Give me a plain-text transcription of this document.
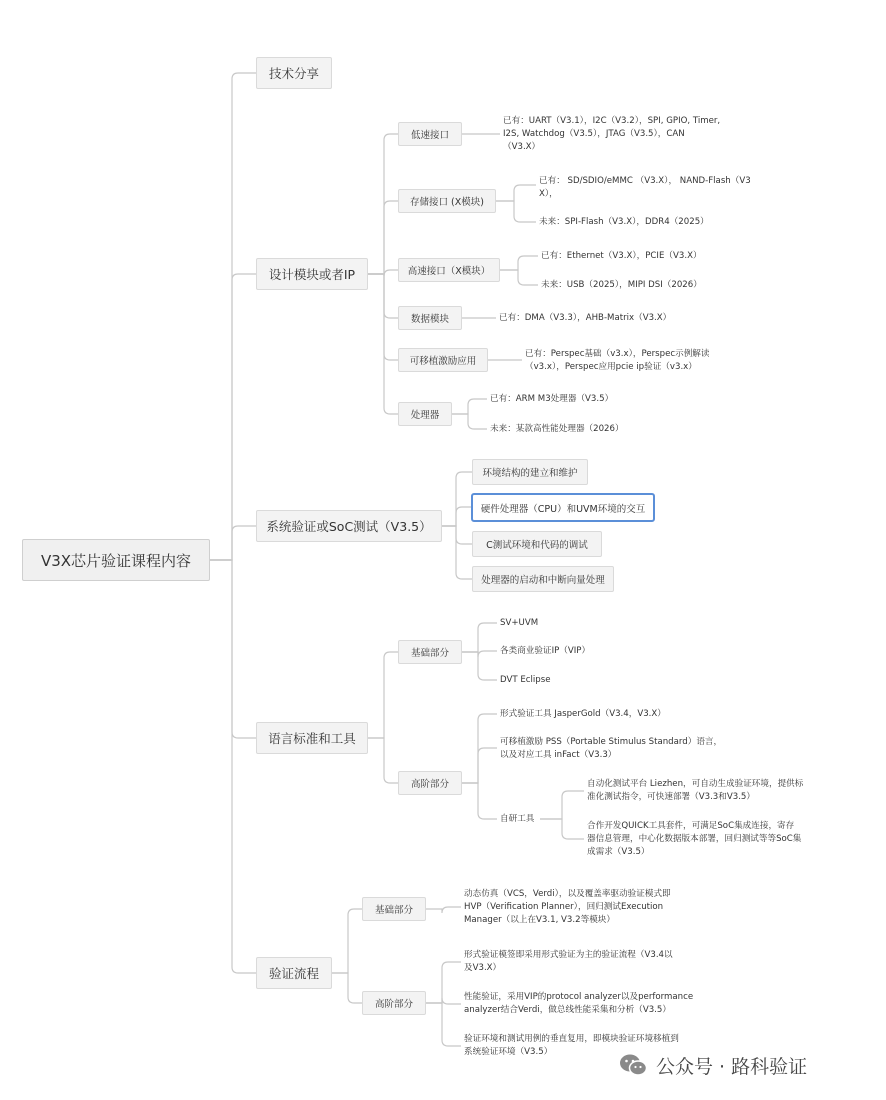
V3X芯片验证课程内容
技术分享
设计模块或者IP
系统验证或SoC测试（V3.5）
语言标准和工具
验证流程
低速接口
存储接口 (X模块)
高速接口（X模块）
数据模块
可移植激励应用
处理器
已有：UART（V3.1），I2C（V3.2），SPI, GPIO, Timer,
I2S, Watchdog（V3.5），JTAG（V3.5），CAN
（V3.X）
已有： SD/SDIO/eMMC （V3.X）， NAND-Flash（V3
X），
未来：SPI-Flash（V3.X），DDR4（2025）
已有：Ethernet（V3.X），PCIE（V3.X）
未来：USB（2025），MIPI DSI（2026）
已有：DMA（V3.3），AHB-Matrix（V3.X）
已有：Perspec基础（v3.x），Perspec示例解读
（v3.x），Perspec应用pcie ip验证（v3.x）
已有：ARM M3处理器（V3.5）
未来：某款高性能处理器（2026）
环境结构的建立和维护
硬件处理器（CPU）和UVM环境的交互
C测试环境和代码的调试
处理器的启动和中断向量处理
基础部分
高阶部分
SV+UVM
各类商业验证IP（VIP）
DVT Eclipse
形式验证工具 JasperGold（V3.4，V3.X）
可移植激励 PSS（Portable Stimulus Standard）语言，
以及对应工具 inFact（V3.3）
自研工具
自动化测试平台 Liezhen，可自动生成验证环境，提供标
准化测试指令，可快速部署（V3.3和V3.5）
合作开发QUICK工具套件，可满足SoC集成连接，寄存
器信息管理，中心化数据版本部署，回归测试等等SoC集
成需求（V3.5）
基础部分
高阶部分
动态仿真（VCS，Verdi），以及覆盖率驱动验证模式即
HVP（Verification Planner），回归测试Execution
Manager（以上在V3.1, V3.2等模块）
形式验证模签即采用形式验证为主的验证流程（V3.4以
及V3.X）
性能验证，采用VIP的protocol analyzer以及performance
analyzer结合Verdi，做总线性能采集和分析（V3.5）
验证环境和测试用例的垂直复用，即模块验证环境移植到
系统验证环境（V3.5）
公众号 · 路科验证
